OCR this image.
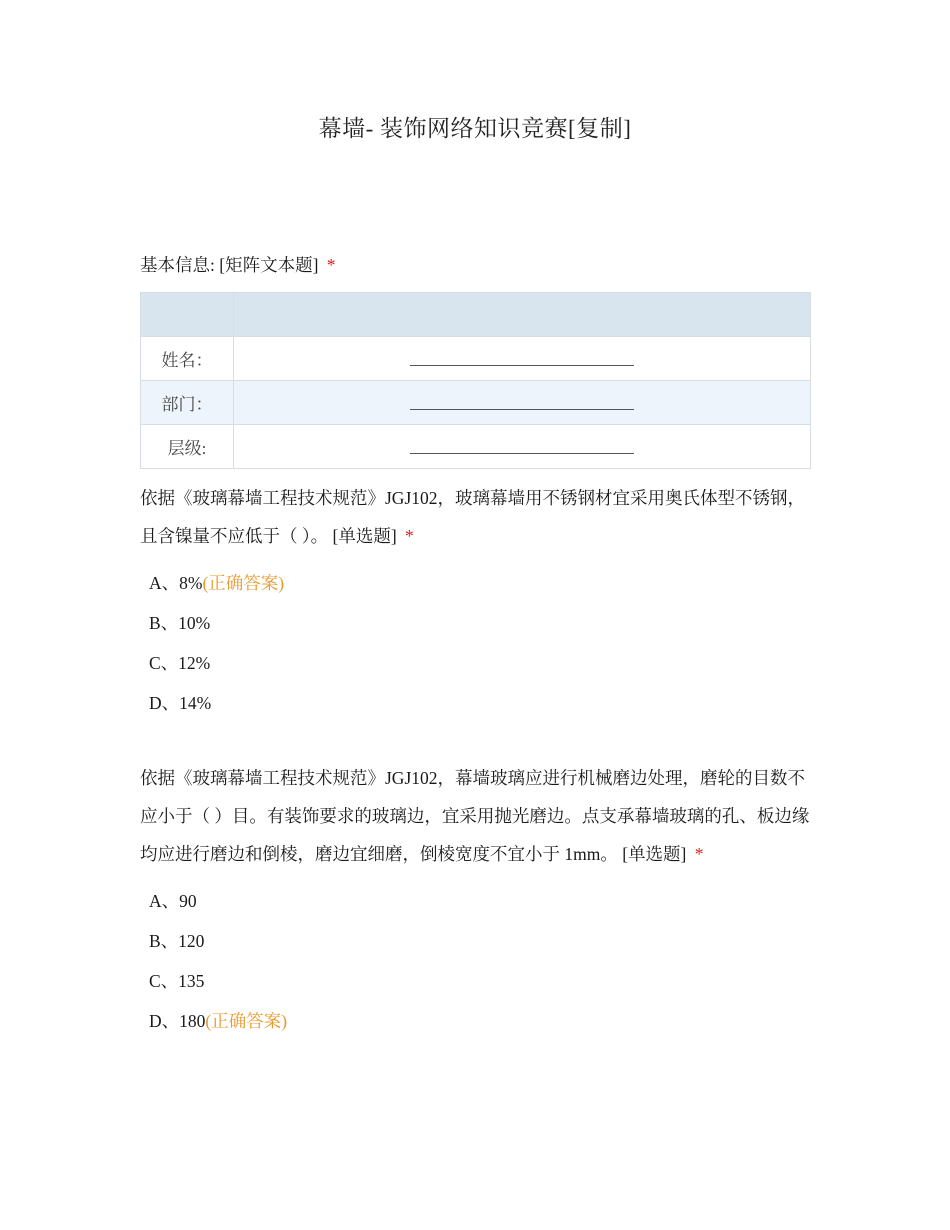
幕墙- 装饰网络知识竞赛[复制]
基本信息: [矩阵文本题] *

姓名：	
部门：	
层级:	
依据《玻璃幕墙工程技术规范》JGJ102，玻璃幕墙用不锈钢材宜采用奥氏体型不锈钢，且含镍量不应低于（ ）。 [单选题] *
A、8%(正确答案)
B、10%
C、12%
D、14%
依据《玻璃幕墙工程技术规范》JGJ102，幕墙玻璃应进行机械磨边处理，磨轮的目数不应小于（ ）目。有装饰要求的玻璃边，宜采用抛光磨边。点支承幕墙玻璃的孔、板边缘均应进行磨边和倒棱，磨边宜细磨，倒棱宽度不宜小于 1mm。 [单选题] *
A、90
B、120
C、135
D、180(正确答案)
